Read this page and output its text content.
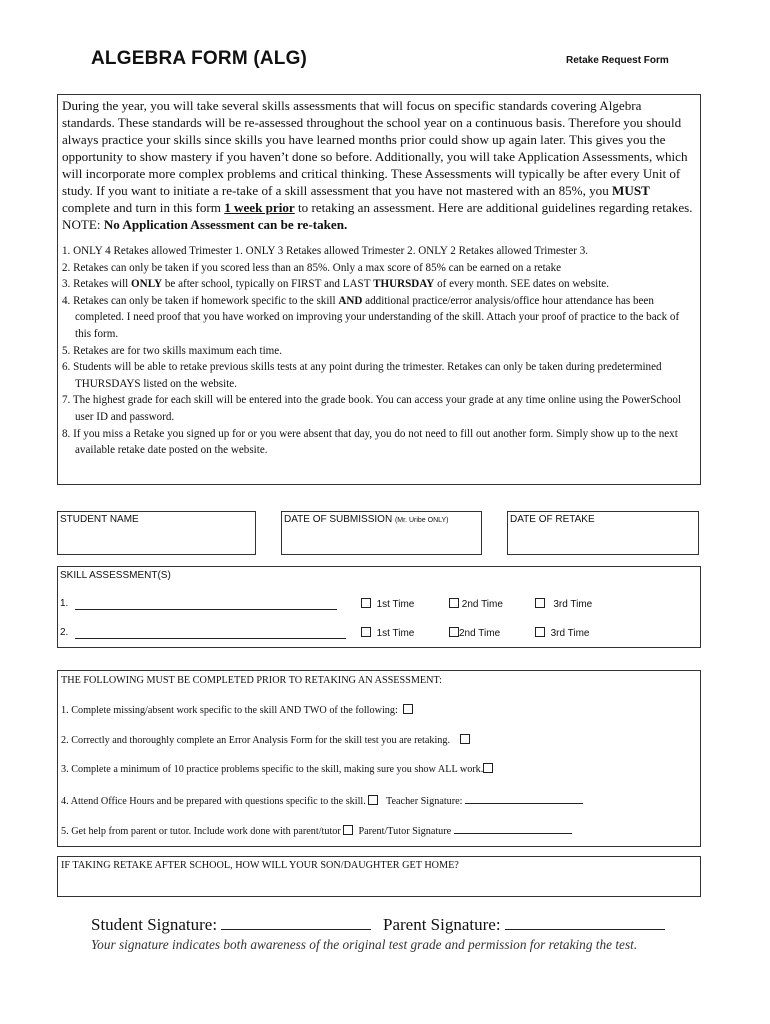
ALGEBRA FORM (ALG)	Retake Request Form

During the year, you will take several skills assessments that will focus on specific standards covering Algebra standards. These standards will be re-assessed throughout the school year on a continuous basis. Therefore you should always practice your skills since skills you have learned months prior could show up again later. This gives you the opportunity to show mastery if you haven’t done so before. Additionally, you will take Application Assessments, which will incorporate more complex problems and critical thinking. These Assessments will typically be after every Unit of study. If you want to initiate a re-take of a skill assessment that you have not mastered with an 85%, you MUST complete and turn in this form 1 week prior to retaking an assessment. Here are additional guidelines regarding retakes. NOTE: No Application Assessment can be re-taken.

1. ONLY 4 Retakes allowed Trimester 1. ONLY 3 Retakes allowed Trimester 2. ONLY 2 Retakes allowed Trimester 3.
2. Retakes can only be taken if you scored less than an 85%. Only a max score of 85% can be earned on a retake
3. Retakes will ONLY be after school, typically on FIRST and LAST THURSDAY of every month. SEE dates on website.
4. Retakes can only be taken if homework specific to the skill AND additional practice/error analysis/office hour attendance has been completed. I need proof that you have worked on improving your understanding of the skill. Attach your proof of practice to the back of this form.
5. Retakes are for two skills maximum each time.
6. Students will be able to retake previous skills tests at any point during the trimester. Retakes can only be taken during predetermined THURSDAYS listed on the website.
7. The highest grade for each skill will be entered into the grade book. You can access your grade at any time online using the PowerSchool user ID and password.
8. If you miss a Retake you signed up for or you were absent that day, you do not need to fill out another form. Simply show up to the next available retake date posted on the website.
STUDENT NAME	DATE OF SUBMISSION (Mr. Uribe ONLY)	DATE OF RETAKE
SKILL ASSESSMENT(S)
1.	1st Time	2nd Time	3rd Time
2.	1st Time	2nd Time	3rd Time
THE FOLLOWING MUST BE COMPLETED PRIOR TO RETAKING AN ASSESSMENT:
1. Complete missing/absent work specific to the skill AND TWO of the following:
2. Correctly and thoroughly complete an Error Analysis Form for the skill test you are retaking.
3. Complete a minimum of 10 practice problems specific to the skill, making sure you show ALL work.
4. Attend Office Hours and be prepared with questions specific to the skill. Teacher Signature:
5. Get help from parent or tutor. Include work done with parent/tutor Parent/Tutor Signature
IF TAKING RETAKE AFTER SCHOOL, HOW WILL YOUR SON/DAUGHTER GET HOME?
Student Signature:	Parent Signature:
Your signature indicates both awareness of the original test grade and permission for retaking the test.
